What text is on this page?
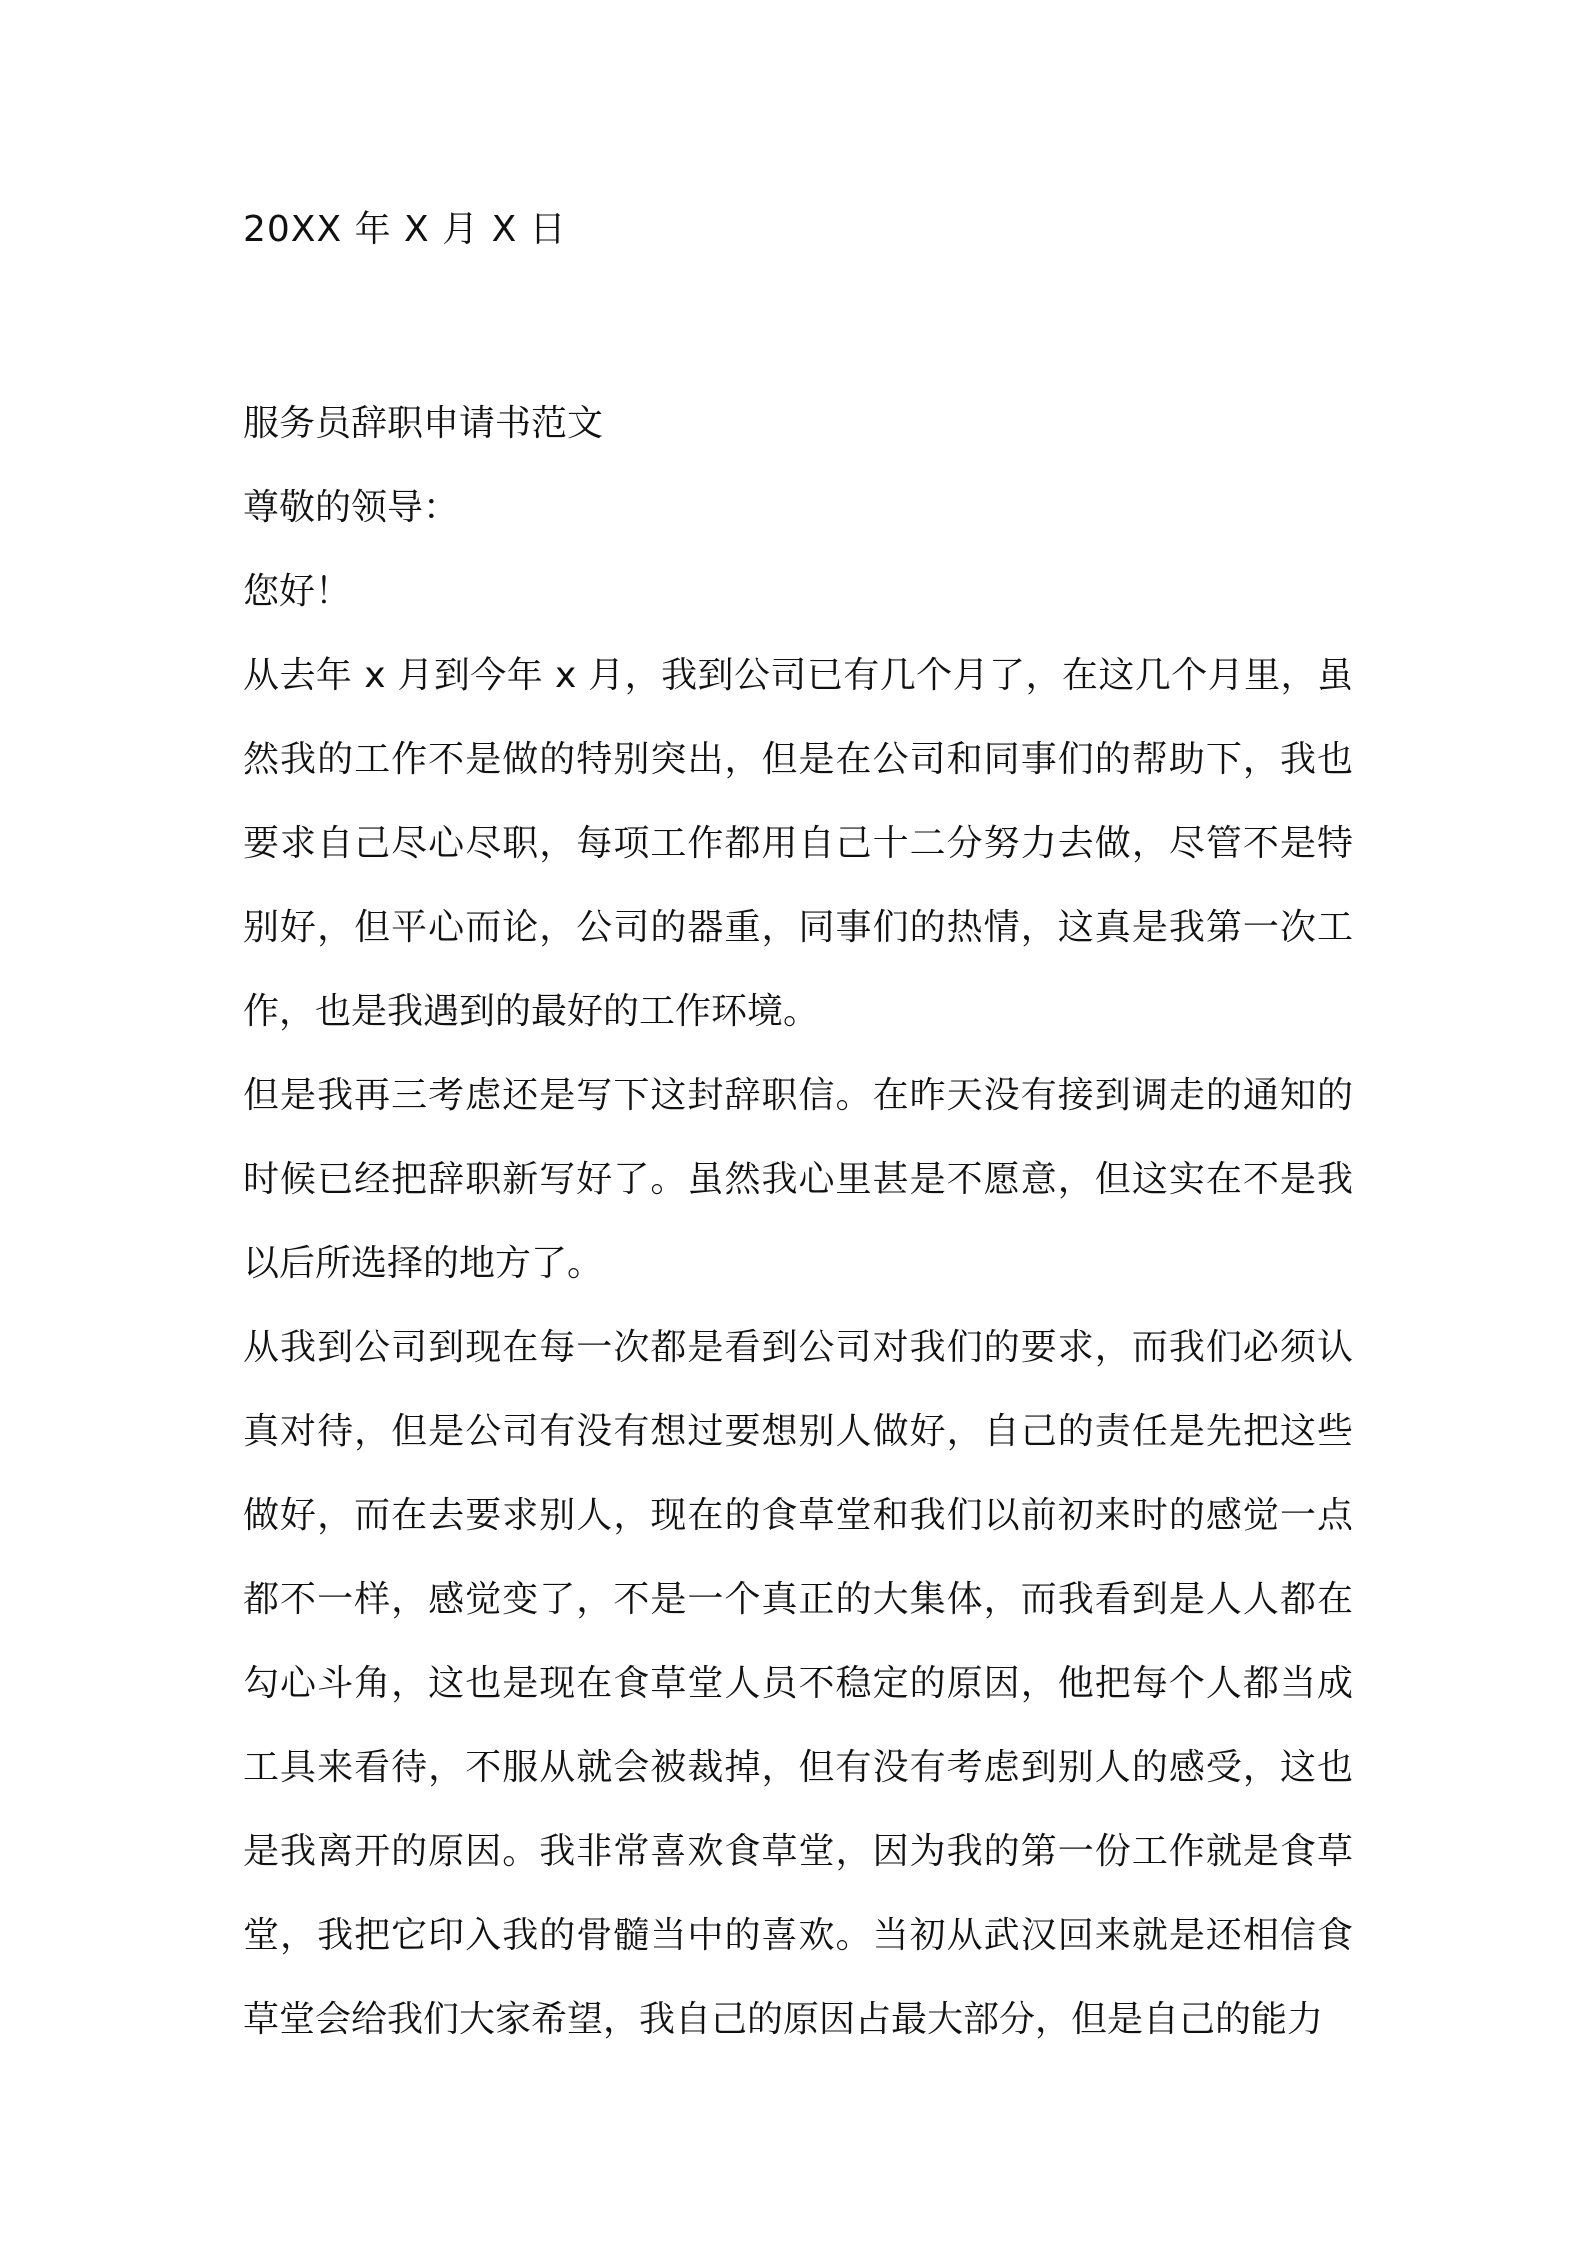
20XX 年 X 月 X 日

服务员辞职申请书范文

尊敬的领导：

您好！

从去年 x 月到今年 x 月，我到公司已有几个月了，在这几个月里，虽然我的工作不是做的特别突出，但是在公司和同事们的帮助下，我也要求自己尽心尽职，每项工作都用自己十二分努力去做，尽管不是特别好，但平心而论，公司的器重，同事们的热情，这真是我第一次工作，也是我遇到的最好的工作环境。

但是我再三考虑还是写下这封辞职信。在昨天没有接到调走的通知的时候已经把辞职新写好了。虽然我心里甚是不愿意，但这实在不是我以后所选择的地方了。

从我到公司到现在每一次都是看到公司对我们的要求，而我们必须认真对待，但是公司有没有想过要想别人做好，自己的责任是先把这些做好，而在去要求别人，现在的食草堂和我们以前初来时的感觉一点都不一样，感觉变了，不是一个真正的大集体，而我看到是人人都在勾心斗角，这也是现在食草堂人员不稳定的原因，他把每个人都当成工具来看待，不服从就会被裁掉，但有没有考虑到别人的感受，这也是我离开的原因。我非常喜欢食草堂，因为我的第一份工作就是食草堂，我把它印入我的骨髓当中的喜欢。当初从武汉回来就是还相信食草堂会给我们大家希望，我自己的原因占最大部分，但是自己的能力
